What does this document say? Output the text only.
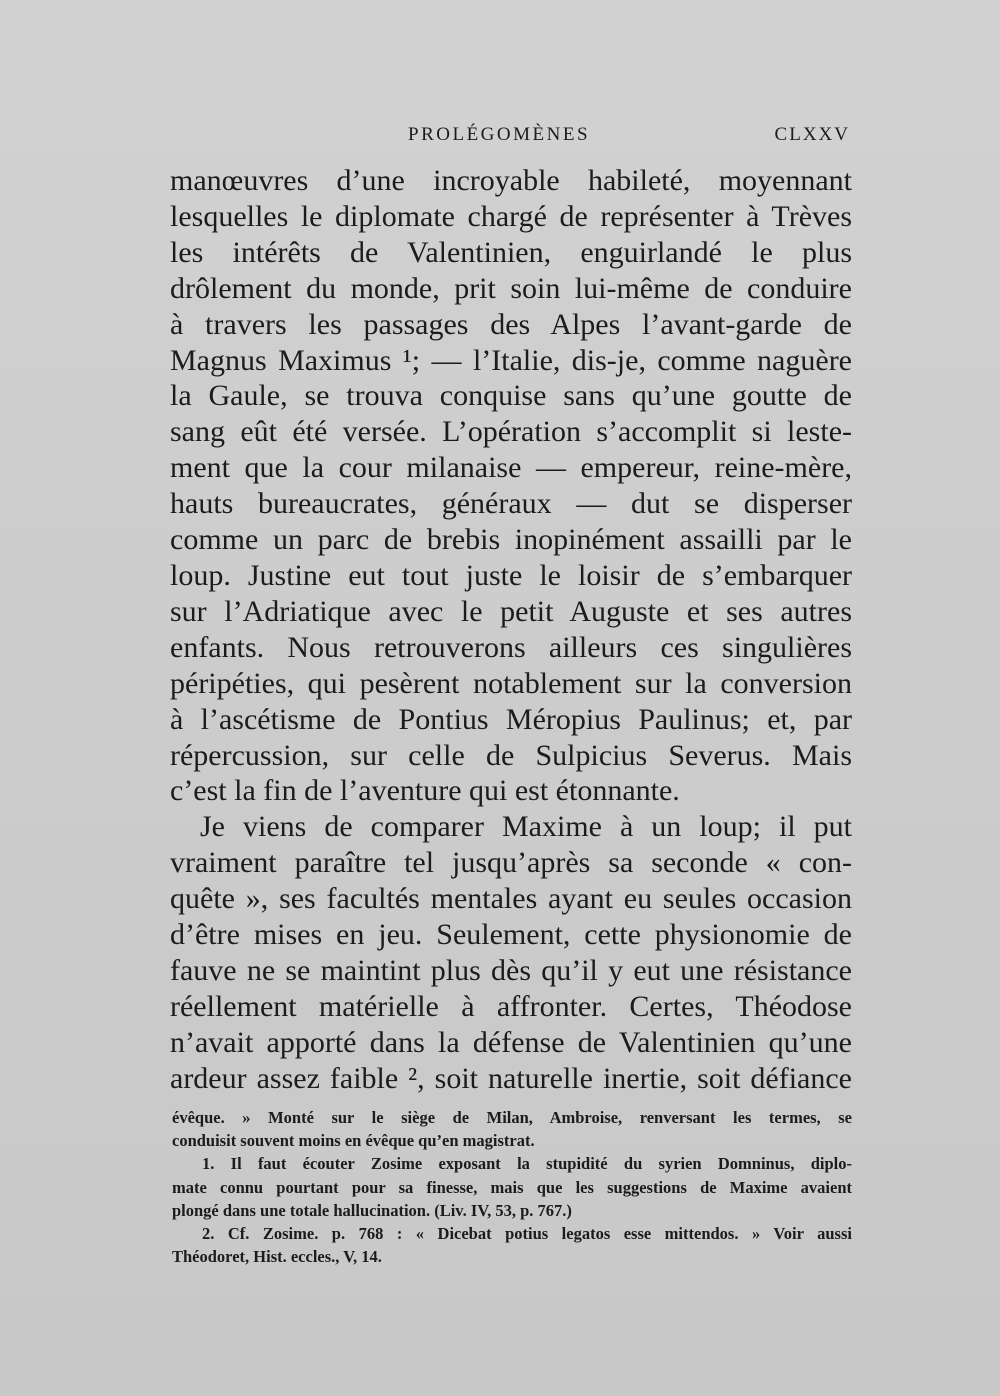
PROLÉGOMÈNES	CLXXV

manœuvres d’une incroyable habileté, moyennant

lesquelles le diplomate chargé de représenter à Trèves

les intérêts de Valentinien, enguirlandé le plus

drôlement du monde, prit soin lui-même de conduire

à travers les passages des Alpes l’avant-garde de

Magnus Maximus ¹; — l’Italie, dis-je, comme naguère

la Gaule, se trouva conquise sans qu’une goutte de

sang eût été versée. L’opération s’accomplit si leste-

ment que la cour milanaise — empereur, reine-mère,

hauts bureaucrates, généraux — dut se disperser

comme un parc de brebis inopinément assailli par le

loup. Justine eut tout juste le loisir de s’embarquer

sur l’Adriatique avec le petit Auguste et ses autres

enfants. Nous retrouverons ailleurs ces singulières

péripéties, qui pesèrent notablement sur la conversion

à l’ascétisme de Pontius Méropius Paulinus; et, par

répercussion, sur celle de Sulpicius Severus. Mais

c’est la fin de l’aventure qui est étonnante.

Je viens de comparer Maxime à un loup; il put

vraiment paraître tel jusqu’après sa seconde « con-

quête », ses facultés mentales ayant eu seules occasion

d’être mises en jeu. Seulement, cette physionomie de

fauve ne se maintint plus dès qu’il y eut une résistance

réellement matérielle à affronter. Certes, Théodose

n’avait apporté dans la défense de Valentinien qu’une

ardeur assez faible ², soit naturelle inertie, soit défiance

évêque. » Monté sur le siège de Milan, Ambroise, renversant les termes, se

conduisit souvent moins en évêque qu’en magistrat.

1. Il faut écouter Zosime exposant la stupidité du syrien Domninus, diplo-

mate connu pourtant pour sa finesse, mais que les suggestions de Maxime avaient

plongé dans une totale hallucination. (Liv. IV, 53, p. 767.)

2. Cf. Zosime. p. 768 : « Dicebat potius legatos esse mittendos. » Voir aussi

Théodoret, Hist. eccles., V, 14.
